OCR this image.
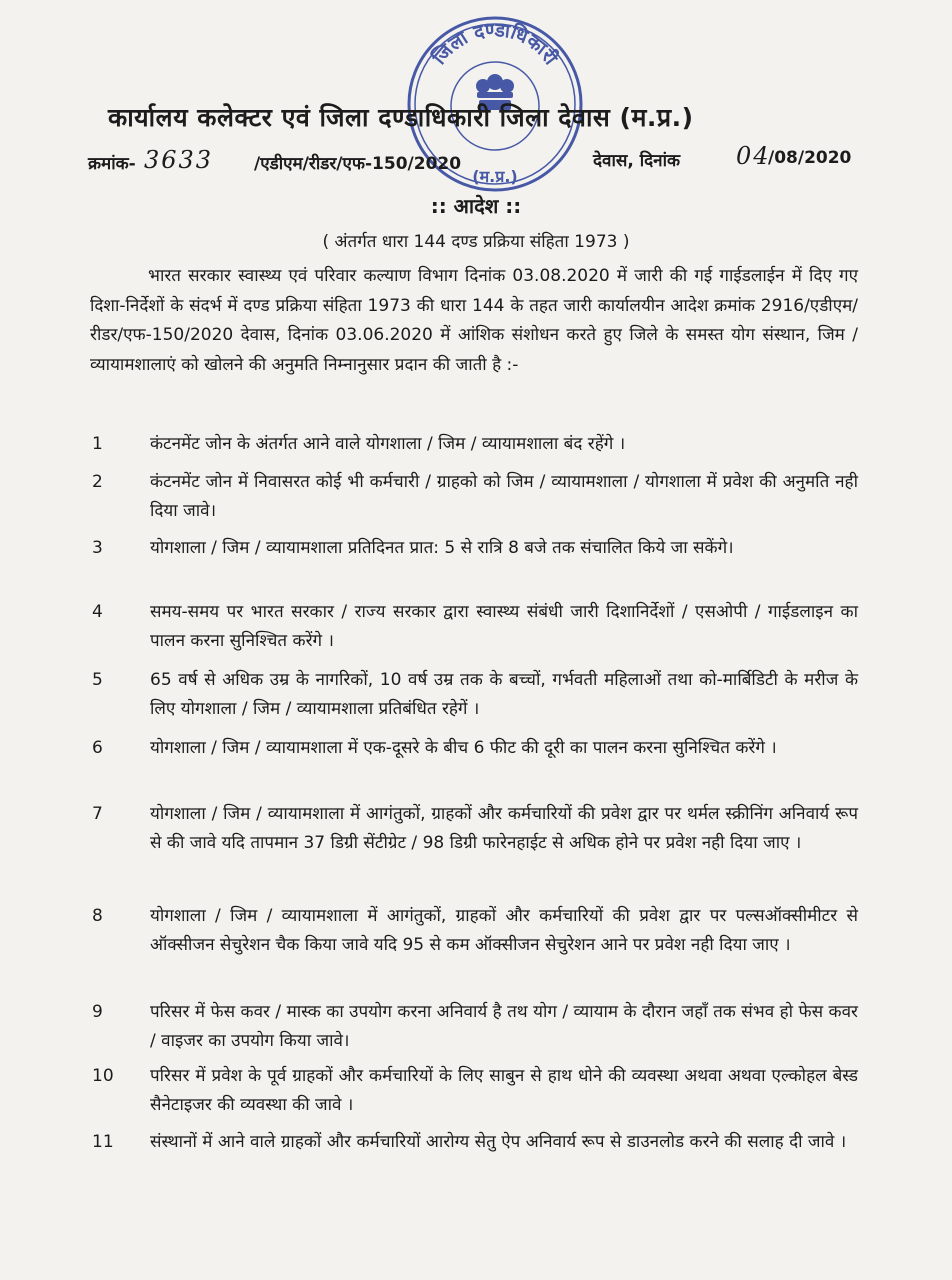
जिला दण्डाधिकारी
(म.प्र.)
कार्यालय कलेक्टर एवं जिला दण्डाधिकारी जिला देवास (म.प्र.)
क्रमांक- 3633 /एडीएम/रीडर/एफ-150/2020	देवास, दिनांक 04
/08/2020
:: आदेश ::
( अंतर्गत धारा 144 दण्ड प्रक्रिया संहिता 1973 )
भारत सरकार स्वास्थ्य एवं परिवार कल्याण विभाग दिनांक 03.08.2020 में जारी की गई गाईडलाईन में दिए गए दिशा-निर्देशों के संदर्भ में दण्ड प्रक्रिया संहिता 1973 की धारा 144 के तहत जारी कार्यालयीन आदेश क्रमांक 2916/एडीएम/रीडर/एफ-150/2020 देवास, दिनांक 03.06.2020 में आंशिक संशोधन करते हुए जिले के समस्त योग संस्थान, जिम / व्यायामशालाएं को खोलने की अनुमति निम्नानुसार प्रदान की जाती है :-
1	कंटनमेंट जोन के अंतर्गत आने वाले योगशाला / जिम / व्यायामशाला बंद रहेंगे ।
2	कंटनमेंट जोन में निवासरत कोई भी कर्मचारी / ग्राहको को जिम / व्यायामशाला / योगशाला में प्रवेश की अनुमति नही दिया जावे।
3	योगशाला / जिम / व्यायामशाला प्रतिदिनत प्रात: 5 से रात्रि 8 बजे तक संचालित किये जा सकेंगे।
4	समय-समय पर भारत सरकार / राज्य सरकार द्वारा स्वास्थ्य संबंधी जारी दिशानिर्देशों / एसओपी / गाईडलाइन का पालन करना सुनिश्चित करेंगे ।
5	65 वर्ष से अधिक उम्र के नागरिकों, 10 वर्ष उम्र तक के बच्चों, गर्भवती महिलाओं तथा को-मार्बिडिटी के मरीज के लिए योगशाला / जिम / व्यायामशाला प्रतिबंधित रहेगें ।
6	योगशाला / जिम / व्यायामशाला में एक-दूसरे के बीच 6 फीट की दूरी का पालन करना सुनिश्चित करेंगे ।
7	योगशाला / जिम / व्यायामशाला में आगंतुकों, ग्राहकों और कर्मचारियों की प्रवेश द्वार पर थर्मल स्क्रीनिंग अनिवार्य रूप से की जावे यदि तापमान 37 डिग्री सेंटीग्रेट / 98 डिग्री फारेनहाईट से अधिक होने पर प्रवेश नही दिया जाए ।
8	योगशाला / जिम / व्यायामशाला में आगंतुकों, ग्राहकों और कर्मचारियों की प्रवेश द्वार पर पल्सऑक्सीमीटर से ऑक्सीजन सेचुरेशन चैक किया जावे यदि 95 से कम ऑक्सीजन सेचुरेशन आने पर प्रवेश नही दिया जाए ।
9	परिसर में फेस कवर / मास्क का उपयोग करना अनिवार्य है तथ योग / व्यायाम के दौरान जहाँ तक संभव हो फेस कवर / वाइजर का उपयोग किया जावे।
10	परिसर में प्रवेश के पूर्व ग्राहकों और कर्मचारियों के लिए साबुन से हाथ धोने की व्यवस्था अथवा अथवा एल्कोहल बेस्ड सैनेटाइजर की व्यवस्था की जावे ।
11	संस्थानों में आने वाले ग्राहकों और कर्मचारियों आरोग्य सेतु ऐप अनिवार्य रूप से डाउनलोड करने की सलाह दी जावे ।
